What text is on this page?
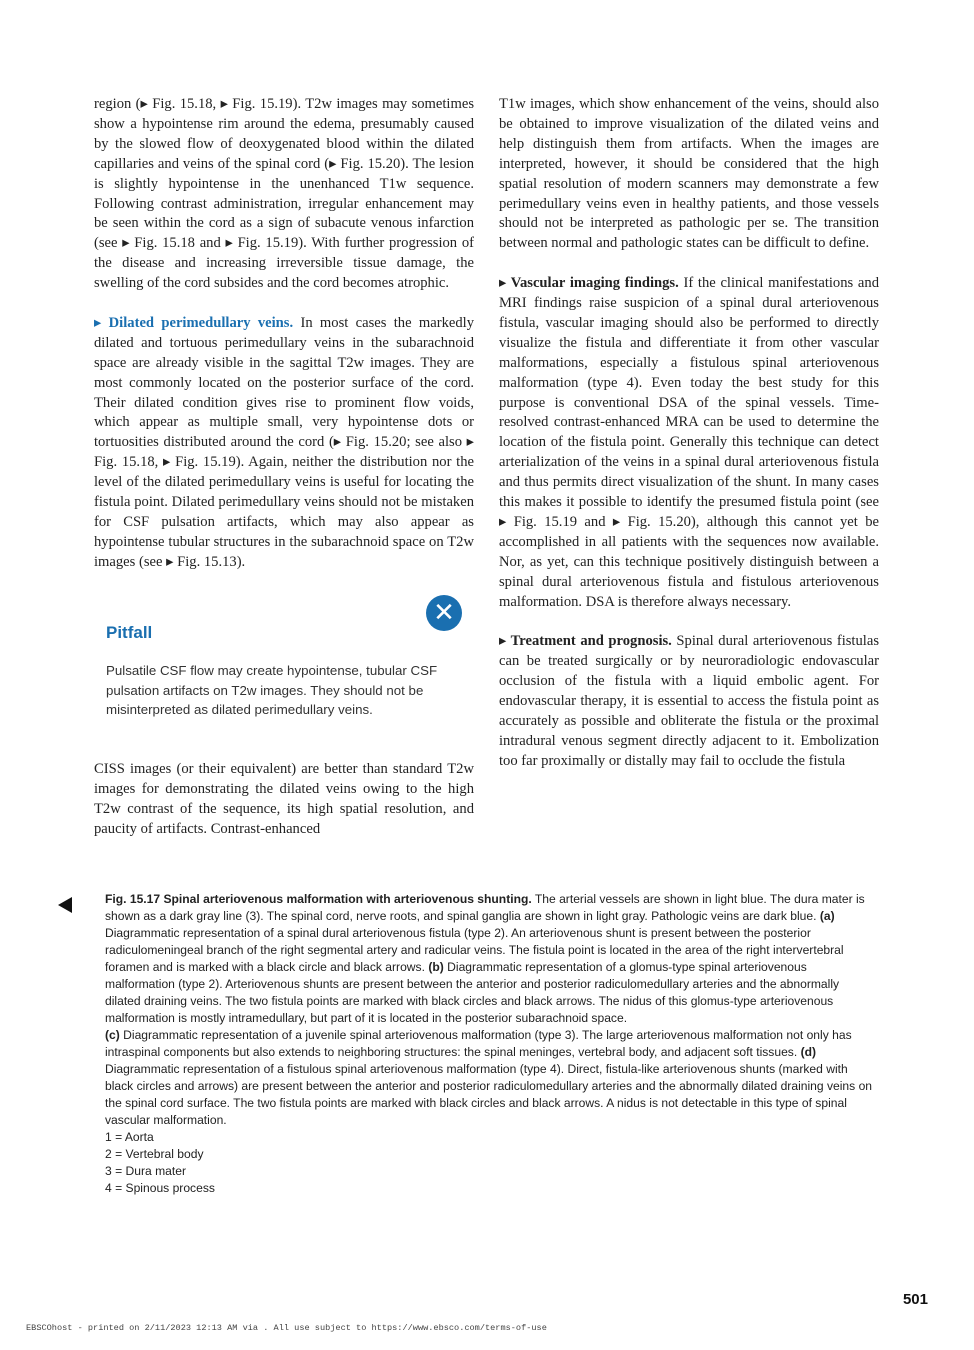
region (▸ Fig. 15.18, ▸ Fig. 15.19). T2w images may sometimes show a hypointense rim around the edema, presumably caused by the slowed flow of deoxygenated blood within the dilated capillaries and veins of the spinal cord (▸ Fig. 15.20). The lesion is slightly hypointense in the unenhanced T1w sequence. Following contrast administration, irregular enhancement may be seen within the cord as a sign of subacute venous infarction (see ▸ Fig. 15.18 and ▸ Fig. 15.19). With further progression of the disease and increasing irreversible tissue damage, the swelling of the cord subsides and the cord becomes atrophic.

▸ Dilated perimedullary veins. In most cases the markedly dilated and tortuous perimedullary veins in the subarachnoid space are already visible in the sagittal T2w images. They are most commonly located on the posterior surface of the cord. Their dilated condition gives rise to prominent flow voids, which appear as multiple small, very hypointense dots or tortuosities distributed around the cord (▸ Fig. 15.20; see also ▸ Fig. 15.18, ▸ Fig. 15.19). Again, neither the distribution nor the level of the dilated perimedullary veins is useful for locating the fistula point. Dilated perimedullary veins should not be mistaken for CSF pulsation artifacts, which may also appear as hypointense tubular structures in the subarachnoid space on T2w images (see ▸ Fig. 15.13).

✕
Pitfall
Pulsatile CSF flow may create hypointense, tubular CSF pulsation artifacts on T2w images. They should not be misinterpreted as dilated perimedullary veins.

CISS images (or their equivalent) are better than standard T2w images for demonstrating the dilated veins owing to the high T2w contrast of the sequence, its high spatial resolution, and paucity of artifacts. Contrast-enhanced

T1w images, which show enhancement of the veins, should also be obtained to improve visualization of the dilated veins and help distinguish them from artifacts. When the images are interpreted, however, it should be considered that the high spatial resolution of modern scanners may demonstrate a few perimedullary veins even in healthy patients, and those vessels should not be interpreted as pathologic per se. The transition between normal and pathologic states can be difficult to define.

▸ Vascular imaging findings. If the clinical manifestations and MRI findings raise suspicion of a spinal dural arteriovenous fistula, vascular imaging should also be performed to directly visualize the fistula and differentiate it from other vascular malformations, especially a fistulous spinal arteriovenous malformation (type 4). Even today the best study for this purpose is conventional DSA of the spinal vessels. Time-resolved contrast-enhanced MRA can be used to determine the location of the fistula point. Generally this technique can detect arterialization of the veins in a spinal dural arteriovenous fistula and thus permits direct visualization of the shunt. In many cases this makes it possible to identify the presumed fistula point (see ▸ Fig. 15.19 and ▸ Fig. 15.20), although this cannot yet be accomplished in all patients with the sequences now available. Nor, as yet, can this technique positively distinguish between a spinal dural arteriovenous fistula and fistulous arteriovenous malformation. DSA is therefore always necessary.

▸ Treatment and prognosis. Spinal dural arteriovenous fistulas can be treated surgically or by neuroradiologic endovascular occlusion of the fistula with a liquid embolic agent. For endovascular therapy, it is essential to access the fistula point as accurately as possible and obliterate the fistula or the proximal intradural venous segment directly adjacent to it. Embolization too far proximally or distally may fail to occlude the fistula

Fig. 15.17 Spinal arteriovenous malformation with arteriovenous shunting. The arterial vessels are shown in light blue. The dura mater is shown as a dark gray line (3). The spinal cord, nerve roots, and spinal ganglia are shown in light gray. Pathologic veins are dark blue. (a) Diagrammatic representation of a spinal dural arteriovenous fistula (type 2). An arteriovenous shunt is present between the posterior radiculomeningeal branch of the right segmental artery and radicular veins. The fistula point is located in the area of the right intervertebral foramen and is marked with a black circle and black arrows. (b) Diagrammatic representation of a glomus-type spinal arteriovenous malformation (type 2). Arteriovenous shunts are present between the anterior and posterior radiculomedullary arteries and the abnormally dilated draining veins. The two fistula points are marked with black circles and black arrows. The nidus of this glomus-type arteriovenous malformation is mostly intramedullary, but part of it is located in the posterior subarachnoid space.
(c) Diagrammatic representation of a juvenile spinal arteriovenous malformation (type 3). The large arteriovenous malformation not only has intraspinal components but also extends to neighboring structures: the spinal meninges, vertebral body, and adjacent soft tissues. (d) Diagrammatic representation of a fistulous spinal arteriovenous malformation (type 4). Direct, fistula-like arteriovenous shunts (marked with black circles and arrows) are present between the anterior and posterior radiculomedullary arteries and the abnormally dilated draining veins on the spinal cord surface. The two fistula points are marked with black circles and black arrows. A nidus is not detectable in this type of spinal vascular malformation.
1 = Aorta
2 = Vertebral body
3 = Dura mater
4 = Spinous process
501
EBSCOhost - printed on 2/11/2023 12:13 AM via . All use subject to https://www.ebsco.com/terms-of-use
